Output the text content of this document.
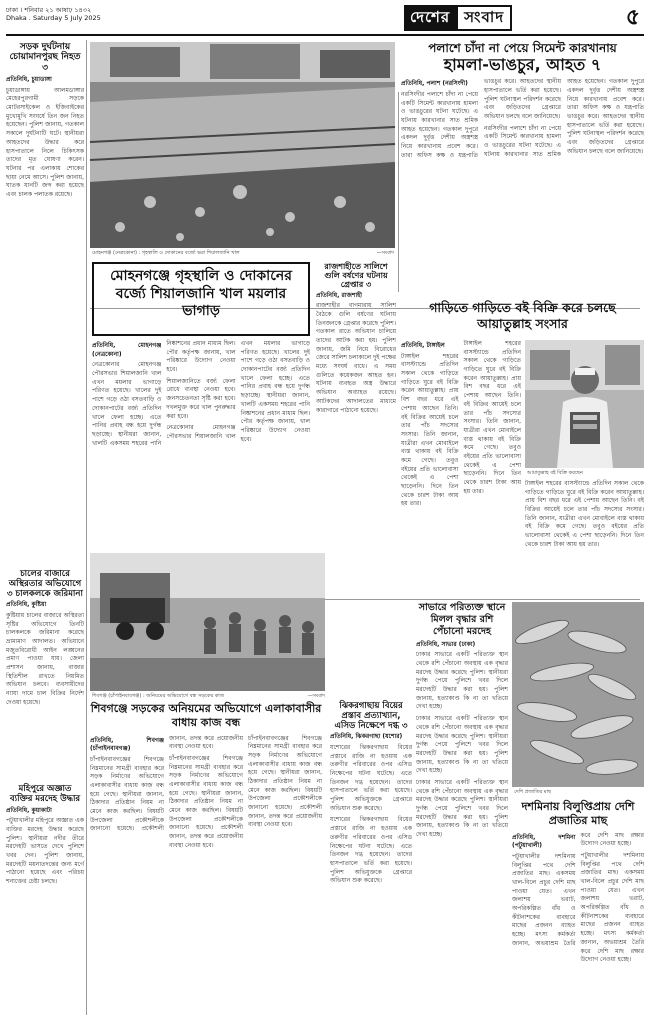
ঢাকা । শনিবার ২১ আষাঢ় ১৪৩২
Dhaka . Saturday 5 July 2025	দেশের সংবাদ	৫
সড়ক দুর্ঘটনায় চোয়ামানপুরছ নিহত ৩
প্রতিনিধি, চুয়াডাঙ্গা

চুয়াডাঙ্গায় আলমডাঙ্গার মেহেরপুরগামী সড়কে মোটরসাইকেল ও ইজিবাইকের মুখোমুখি সংঘর্ষে তিন জন নিহত হয়েছেন। পুলিশ জানায়, গতকাল সকালে দুর্ঘটনাটি ঘটে। স্থানীয়রা আহতদের উদ্ধার করে হাসপাতালে নিলে চিকিৎসক তাদের মৃত ঘোষণা করেন। ঘটনার পর এলাকায় শোকের ছায়া নেমে আসে। পুলিশ জানায়, ঘাতক যানটি জব্দ করা হয়েছে এবং চালক পলাতক রয়েছে।

চালের বাজারে অস্থিরতার অভিযোগে ৩ চালকলকে জরিমানা
প্রতিনিধি, কুষ্টিয়া

কুষ্টিয়ায় চালের বাজারে অস্থিরতা সৃষ্টির অভিযোগে তিনটি চালকলকে জরিমানা করেছে ভ্রাম্যমাণ আদালত। অভিযানে মজুতবিরোধী আইন লঙ্ঘনের প্রমাণ পাওয়া যায়। জেলা প্রশাসন জানায়, বাজার স্থিতিশীল রাখতে নিয়মিত অভিযান চলবে। ব্যবসায়ীদের ন্যায্য দামে চাল বিক্রির নির্দেশ দেওয়া হয়েছে।

মহিপুরে অজ্ঞাত ব্যক্তির মরদেহ উদ্ধার
প্রতিনিধি, কুয়াকাটা

পটুয়াখালীর মহিপুরে অজ্ঞাত এক ব্যক্তির মরদেহ উদ্ধার করেছে পুলিশ। স্থানীয়রা নদীর তীরে মরদেহটি ভাসতে দেখে পুলিশে খবর দেন। পুলিশ জানায়, মরদেহটি ময়নাতদন্তের জন্য মর্গে পাঠানো হয়েছে এবং পরিচয় শনাক্তের চেষ্টা চলছে।

মোহনগঞ্জ (নেত্রকোনা) : গৃহস্থালি ও দোকানের বর্জ্যে ভরা শিয়ালজানি খাল	—সংবাদ
পলাশে চাঁদা না পেয়ে সিমেন্ট কারখানায়
হামলা-ভাঙচুর, আহত ৭
প্রতিনিধি, পলাশ (নরসিংদী)

নরসিংদীর পলাশে চাঁদা না পেয়ে একটি সিমেন্ট কারখানায় হামলা ও ভাঙচুরের ঘটনা ঘটেছে। এ ঘটনায় কারখানার সাত শ্রমিক আহত হয়েছেন। গতকাল দুপুরে একদল দুর্বৃত্ত দেশীয় অস্ত্রশস্ত্র নিয়ে কারখানায় প্রবেশ করে। তারা অফিস কক্ষ ও যন্ত্রপাতি ভাঙচুর করে। আহতদের স্থানীয় হাসপাতালে ভর্তি করা হয়েছে। পুলিশ ঘটনাস্থল পরিদর্শন করেছে এবং জড়িতদের গ্রেপ্তারে অভিযান চলছে বলে জানিয়েছে।

নরসিংদীর পলাশে চাঁদা না পেয়ে একটি সিমেন্ট কারখানায় হামলা ও ভাঙচুরের ঘটনা ঘটেছে। এ ঘটনায় কারখানার সাত শ্রমিক আহত হয়েছেন। গতকাল দুপুরে একদল দুর্বৃত্ত দেশীয় অস্ত্রশস্ত্র নিয়ে কারখানায় প্রবেশ করে। তারা অফিস কক্ষ ও যন্ত্রপাতি ভাঙচুর করে। আহতদের স্থানীয় হাসপাতালে ভর্তি করা হয়েছে। পুলিশ ঘটনাস্থল পরিদর্শন করেছে এবং জড়িতদের গ্রেপ্তারে অভিযান চলছে বলে জানিয়েছে।

মোহনগঞ্জে গৃহস্থালি ও দোকানের বর্জ্যে শিয়ালজানি খাল ময়লার ভাগাড়
প্রতিনিধি, মোহনগঞ্জ (নেত্রকোনা)

নেত্রকোনার মোহনগঞ্জ পৌরসভার শিয়ালজানি খাল এখন ময়লার ভাগাড়ে পরিণত হয়েছে। খালের দুই পাশে গড়ে ওঠা বসতবাড়ি ও দোকানপাটের বর্জ্য প্রতিদিন খালে ফেলা হচ্ছে। এতে পানির প্রবাহ বন্ধ হয়ে দুর্গন্ধ ছড়াচ্ছে। স্থানীয়রা জানান, খালটি একসময় শহরের পানি নিষ্কাশনের প্রধান মাধ্যম ছিল। পৌর কর্তৃপক্ষ জানায়, খাল পরিষ্কারে উদ্যোগ নেওয়া হবে।

শিয়ালজানিতে বর্জ্য ফেলা রোধে ব্যবস্থা নেওয়া হবে। জনসচেতনতা সৃষ্টি করা হবে। দখলমুক্ত করে খাল পুনরুদ্ধার করা হবে।

নেত্রকোনার মোহনগঞ্জ পৌরসভার শিয়ালজানি খাল এখন ময়লার ভাগাড়ে পরিণত হয়েছে। খালের দুই পাশে গড়ে ওঠা বসতবাড়ি ও দোকানপাটের বর্জ্য প্রতিদিন খালে ফেলা হচ্ছে। এতে পানির প্রবাহ বন্ধ হয়ে দুর্গন্ধ ছড়াচ্ছে। স্থানীয়রা জানান, খালটি একসময় শহরের পানি নিষ্কাশনের প্রধান মাধ্যম ছিল। পৌর কর্তৃপক্ষ জানায়, খাল পরিষ্কারে উদ্যোগ নেওয়া হবে।

রাজশাহীতে সালিশে গুলি বর্ষণের ঘটনায় গ্রেপ্তার ৩
প্রতিনিধি, রাজশাহী

রাজশাহীর বাগমারায় সালিশ বৈঠকে গুলি বর্ষণের ঘটনায় তিনজনকে গ্রেপ্তার করেছে পুলিশ। গতকাল রাতে অভিযান চালিয়ে তাদের আটক করা হয়। পুলিশ জানায়, জমি নিয়ে বিরোধের জেরে সালিশ চলাকালে দুই পক্ষের মধ্যে সংঘর্ষ বাধে। এ সময় গুলিতে কয়েকজন আহত হন। ঘটনায় ব্যবহৃত অস্ত্র উদ্ধারে অভিযান অব্যাহত রয়েছে। আটকদের আদালতের মাধ্যমে কারাগারে পাঠানো হয়েছে।

গাড়িতে গাড়িতে বই বিক্রি করে চলছে আয়াতুল্লাহ সংসার
আয়াতুল্লাহ বই বিক্রি করছেন
প্রতিনিধি, টাঙ্গাইল

টাঙ্গাইল শহরের বাসস্ট্যান্ডে প্রতিদিন সকাল থেকে গাড়িতে গাড়িতে ঘুরে বই বিক্রি করেন আয়াতুল্লাহ। প্রায় বিশ বছর ধরে এই পেশায় আছেন তিনি। বই বিক্রির আয়েই চলে তার পাঁচ সদস্যের সংসার। তিনি জানান, যাত্রীরা এখন মোবাইলে ব্যস্ত থাকায় বই বিক্রি কমে গেছে। তবুও বইয়ের প্রতি ভালোবাসা থেকেই এ পেশা ছাড়েননি। দিনে তিন থেকে চারশ টাকা আয় হয় তার।

টাঙ্গাইল শহরের বাসস্ট্যান্ডে প্রতিদিন সকাল থেকে গাড়িতে গাড়িতে ঘুরে বই বিক্রি করেন আয়াতুল্লাহ। প্রায় বিশ বছর ধরে এই পেশায় আছেন তিনি। বই বিক্রির আয়েই চলে তার পাঁচ সদস্যের সংসার। তিনি জানান, যাত্রীরা এখন মোবাইলে ব্যস্ত থাকায় বই বিক্রি কমে গেছে। তবুও বইয়ের প্রতি ভালোবাসা থেকেই এ পেশা ছাড়েননি। দিনে তিন থেকে চারশ টাকা আয় হয় তার।

টাঙ্গাইল শহরের বাসস্ট্যান্ডে প্রতিদিন সকাল থেকে গাড়িতে গাড়িতে ঘুরে বই বিক্রি করেন আয়াতুল্লাহ। প্রায় বিশ বছর ধরে এই পেশায় আছেন তিনি। বই বিক্রির আয়েই চলে তার পাঁচ সদস্যের সংসার। তিনি জানান, যাত্রীরা এখন মোবাইলে ব্যস্ত থাকায় বই বিক্রি কমে গেছে। তবুও বইয়ের প্রতি ভালোবাসা থেকেই এ পেশা ছাড়েননি। দিনে তিন থেকে চারশ টাকা আয় হয় তার।

শিবগঞ্জ (চাঁপাইনবাবগঞ্জ) : অনিয়মের অভিযোগে বন্ধ সড়কের কাজ	—সংবাদ
শিবগঞ্জে সড়কের অনিয়মের অভিযোগে এলাকাবাসীর বাধায় কাজ বন্ধ
প্রতিনিধি, শিবগঞ্জ (চাঁপাইনবাবগঞ্জ)

চাঁপাইনবাবগঞ্জের শিবগঞ্জে নিম্নমানের সামগ্রী ব্যবহার করে সড়ক নির্মাণের অভিযোগে এলাকাবাসীর বাধায় কাজ বন্ধ হয়ে গেছে। স্থানীয়রা জানান, ঠিকাদার প্রতিষ্ঠান নিয়ম না মেনে কাজ করছিল। বিষয়টি উপজেলা প্রকৌশলীকে জানানো হয়েছে। প্রকৌশলী জানান, তদন্ত করে প্রয়োজনীয় ব্যবস্থা নেওয়া হবে।

চাঁপাইনবাবগঞ্জের শিবগঞ্জে নিম্নমানের সামগ্রী ব্যবহার করে সড়ক নির্মাণের অভিযোগে এলাকাবাসীর বাধায় কাজ বন্ধ হয়ে গেছে। স্থানীয়রা জানান, ঠিকাদার প্রতিষ্ঠান নিয়ম না মেনে কাজ করছিল। বিষয়টি উপজেলা প্রকৌশলীকে জানানো হয়েছে। প্রকৌশলী জানান, তদন্ত করে প্রয়োজনীয় ব্যবস্থা নেওয়া হবে।

চাঁপাইনবাবগঞ্জের শিবগঞ্জে নিম্নমানের সামগ্রী ব্যবহার করে সড়ক নির্মাণের অভিযোগে এলাকাবাসীর বাধায় কাজ বন্ধ হয়ে গেছে। স্থানীয়রা জানান, ঠিকাদার প্রতিষ্ঠান নিয়ম না মেনে কাজ করছিল। বিষয়টি উপজেলা প্রকৌশলীকে জানানো হয়েছে। প্রকৌশলী জানান, তদন্ত করে প্রয়োজনীয় ব্যবস্থা নেওয়া হবে।

ঝিকরগাছায় বিয়ের প্রস্তাব প্রত্যাখ্যান, এসিড নিক্ষেপে দগ্ধ ৩
প্রতিনিধি, ঝিকরগাছা (যশোর)

যশোরের ঝিকরগাছায় বিয়ের প্রস্তাবে রাজি না হওয়ায় এক তরুণীর পরিবারের ওপর এসিড নিক্ষেপের ঘটনা ঘটেছে। এতে তিনজন দগ্ধ হয়েছেন। তাদের হাসপাতালে ভর্তি করা হয়েছে। পুলিশ অভিযুক্তকে গ্রেপ্তারে অভিযান শুরু করেছে।

যশোরের ঝিকরগাছায় বিয়ের প্রস্তাবে রাজি না হওয়ায় এক তরুণীর পরিবারের ওপর এসিড নিক্ষেপের ঘটনা ঘটেছে। এতে তিনজন দগ্ধ হয়েছেন। তাদের হাসপাতালে ভর্তি করা হয়েছে। পুলিশ অভিযুক্তকে গ্রেপ্তারে অভিযান শুরু করেছে।

সাভারে পরিত্যক্ত স্থানে মিলল বৃদ্ধার রশি পেঁচানো মরদেহ
প্রতিনিধি, সাভার (ঢাকা)

ঢাকার সাভারে একটি পরিত্যক্ত স্থান থেকে রশি পেঁচানো অবস্থায় এক বৃদ্ধার মরদেহ উদ্ধার করেছে পুলিশ। স্থানীয়রা দুর্গন্ধ পেয়ে পুলিশে খবর দিলে মরদেহটি উদ্ধার করা হয়। পুলিশ জানায়, হত্যাকাণ্ড কি না তা খতিয়ে দেখা হচ্ছে।

ঢাকার সাভারে একটি পরিত্যক্ত স্থান থেকে রশি পেঁচানো অবস্থায় এক বৃদ্ধার মরদেহ উদ্ধার করেছে পুলিশ। স্থানীয়রা দুর্গন্ধ পেয়ে পুলিশে খবর দিলে মরদেহটি উদ্ধার করা হয়। পুলিশ জানায়, হত্যাকাণ্ড কি না তা খতিয়ে দেখা হচ্ছে।

ঢাকার সাভারে একটি পরিত্যক্ত স্থান থেকে রশি পেঁচানো অবস্থায় এক বৃদ্ধার মরদেহ উদ্ধার করেছে পুলিশ। স্থানীয়রা দুর্গন্ধ পেয়ে পুলিশে খবর দিলে মরদেহটি উদ্ধার করা হয়। পুলিশ জানায়, হত্যাকাণ্ড কি না তা খতিয়ে দেখা হচ্ছে।

দেশি প্রজাতির মাছ
দশমিনায় বিলুপ্তিপ্রায় দেশি প্রজাতির মাছ
প্রতিনিধি, দশমিনা (পটুয়াখালী)

পটুয়াখালীর দশমিনায় বিলুপ্তির পথে দেশি প্রজাতির মাছ। একসময় খাল-বিলে প্রচুর দেশি মাছ পাওয়া যেত। এখন জলাশয় ভরাট, অপরিকল্পিত বাঁধ ও কীটনাশকের ব্যবহারে মাছের প্রজনন ব্যাহত হচ্ছে। মৎস্য কর্মকর্তা জানান, অভয়াশ্রম তৈরি করে দেশি মাছ রক্ষার উদ্যোগ নেওয়া হচ্ছে।

পটুয়াখালীর দশমিনায় বিলুপ্তির পথে দেশি প্রজাতির মাছ। একসময় খাল-বিলে প্রচুর দেশি মাছ পাওয়া যেত। এখন জলাশয় ভরাট, অপরিকল্পিত বাঁধ ও কীটনাশকের ব্যবহারে মাছের প্রজনন ব্যাহত হচ্ছে। মৎস্য কর্মকর্তা জানান, অভয়াশ্রম তৈরি করে দেশি মাছ রক্ষার উদ্যোগ নেওয়া হচ্ছে।
